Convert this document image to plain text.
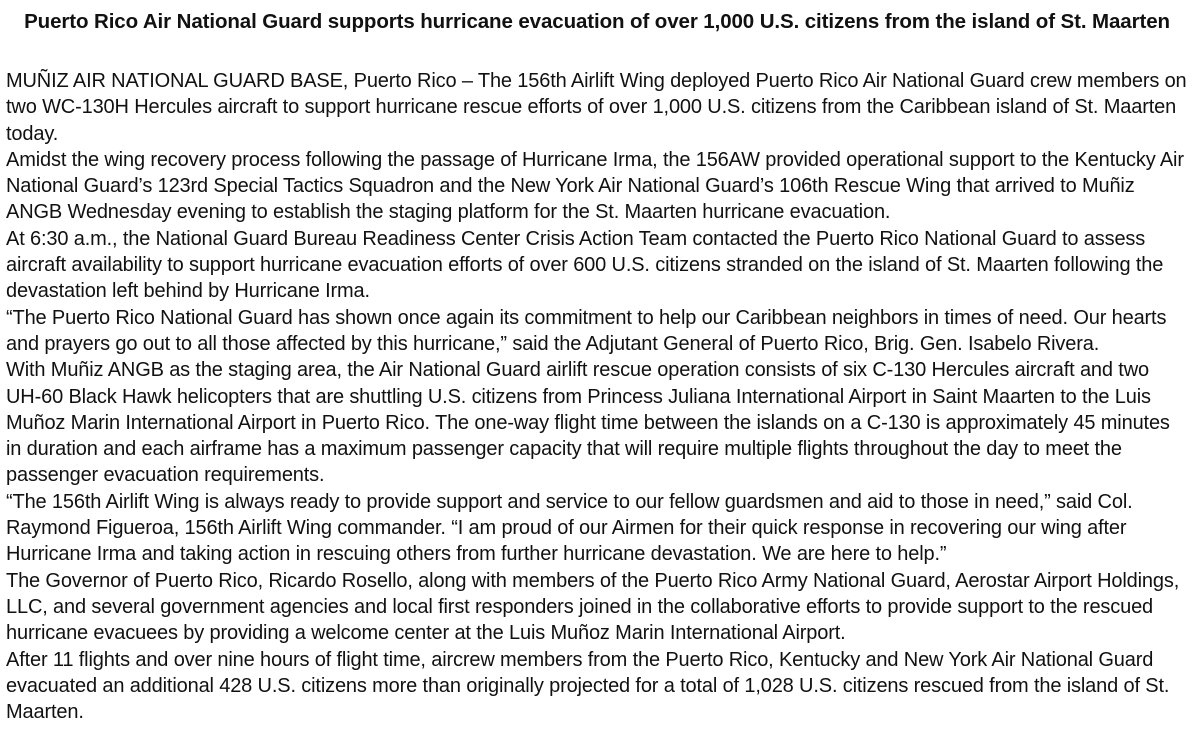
Puerto Rico Air National Guard supports hurricane evacuation of over 1,000 U.S. citizens from the island of St. Maarten

MUÑIZ AIR NATIONAL GUARD BASE, Puerto Rico – The 156th Airlift Wing deployed Puerto Rico Air National Guard crew members on two WC-130H Hercules aircraft to support hurricane rescue efforts of over 1,000 U.S. citizens from the Caribbean island of St. Maarten today.

Amidst the wing recovery process following the passage of Hurricane Irma, the 156AW provided operational support to the Kentucky Air National Guard’s 123rd Special Tactics Squadron and the New York Air National Guard’s 106th Rescue Wing that arrived to Muñiz ANGB Wednesday evening to establish the staging platform for the St. Maarten hurricane evacuation.

At 6:30 a.m., the National Guard Bureau Readiness Center Crisis Action Team contacted the Puerto Rico National Guard to assess aircraft availability to support hurricane evacuation efforts of over 600 U.S. citizens stranded on the island of St. Maarten following the devastation left behind by Hurricane Irma.

“The Puerto Rico National Guard has shown once again its commitment to help our Caribbean neighbors in times of need. Our hearts and prayers go out to all those affected by this hurricane,” said the Adjutant General of Puerto Rico, Brig. Gen. Isabelo Rivera.

With Muñiz ANGB as the staging area, the Air National Guard airlift rescue operation consists of six C-130 Hercules aircraft and two UH-60 Black Hawk helicopters that are shuttling U.S. citizens from Princess Juliana International Airport in Saint Maarten to the Luis Muñoz Marin International Airport in Puerto Rico. The one-way flight time between the islands on a C-130 is approximately 45 minutes in duration and each airframe has a maximum passenger capacity that will require multiple flights throughout the day to meet the passenger evacuation requirements.

“The 156th Airlift Wing is always ready to provide support and service to our fellow guardsmen and aid to those in need,” said Col. Raymond Figueroa, 156th Airlift Wing commander. “I am proud of our Airmen for their quick response in recovering our wing after Hurricane Irma and taking action in rescuing others from further hurricane devastation. We are here to help.”

The Governor of Puerto Rico, Ricardo Rosello, along with members of the Puerto Rico Army National Guard, Aerostar Airport Holdings, LLC, and several government agencies and local first responders joined in the collaborative efforts to provide support to the rescued hurricane evacuees by providing a welcome center at the Luis Muñoz Marin International Airport.

After 11 flights and over nine hours of flight time, aircrew members from the Puerto Rico, Kentucky and New York Air National Guard evacuated an additional 428 U.S. citizens more than originally projected for a total of 1,028 U.S. citizens rescued from the island of St. Maarten.
